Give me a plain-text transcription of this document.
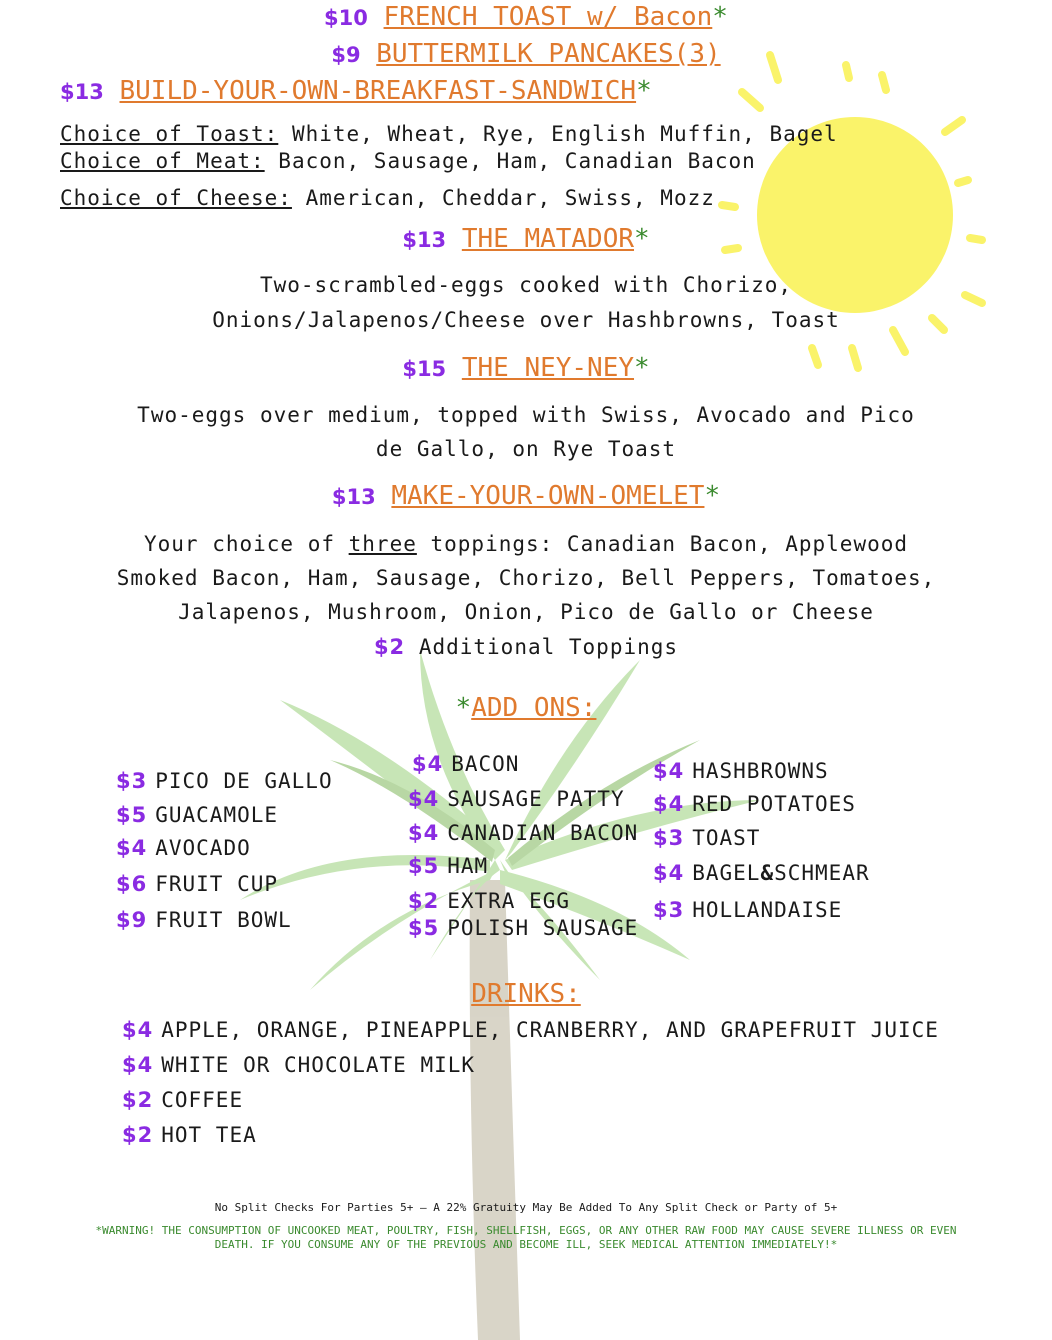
$10 FRENCH TOAST w/ Bacon*
$9 BUTTERMILK PANCAKES(3)
$13 BUILD-YOUR-OWN-BREAKFAST-SANDWICH*
Choice of Toast: White, Wheat, Rye, English Muffin, Bagel
Choice of Meat: Bacon, Sausage, Ham, Canadian Bacon
Choice of Cheese: American, Cheddar, Swiss, Mozz
$13 THE MATADOR*
Two-scrambled-eggs cooked with Chorizo,
Onions/Jalapenos/Cheese over Hashbrowns, Toast
$15 THE NEY-NEY*
Two-eggs over medium, topped with Swiss, Avocado and Pico
de Gallo, on Rye Toast
$13 MAKE-YOUR-OWN-OMELET*
Your choice of three toppings: Canadian Bacon, Applewood
Smoked Bacon, Ham, Sausage, Chorizo, Bell Peppers, Tomatoes,
Jalapenos, Mushroom, Onion, Pico de Gallo or Cheese
$2 Additional Toppings
*ADD ONS:
$3 PICO DE GALLO
$5 GUACAMOLE
$4 AVOCADO
$6 FRUIT CUP
$9 FRUIT BOWL
$4 BACON
$4 SAUSAGE PATTY
$4 CANADIAN BACON
$5 HAM
$2 EXTRA EGG
$5 POLISH SAUSAGE
$4 HASHBROWNS
$4 RED POTATOES
$3 TOAST
$4 BAGEL&SCHMEAR
$3 HOLLANDAISE
DRINKS:
$4 APPLE, ORANGE, PINEAPPLE, CRANBERRY, AND GRAPEFRUIT JUICE
$4 WHITE OR CHOCOLATE MILK
$2 COFFEE
$2 HOT TEA
No Split Checks For Parties 5+ – A 22% Gratuity May Be Added To Any Split Check or Party of 5+
*WARNING! THE CONSUMPTION OF UNCOOKED MEAT, POULTRY, FISH, SHELLFISH, EGGS, OR ANY OTHER RAW FOOD MAY CAUSE SEVERE ILLNESS OR EVEN
DEATH. IF YOU CONSUME ANY OF THE PREVIOUS AND BECOME ILL, SEEK MEDICAL ATTENTION IMMEDIATELY!*
